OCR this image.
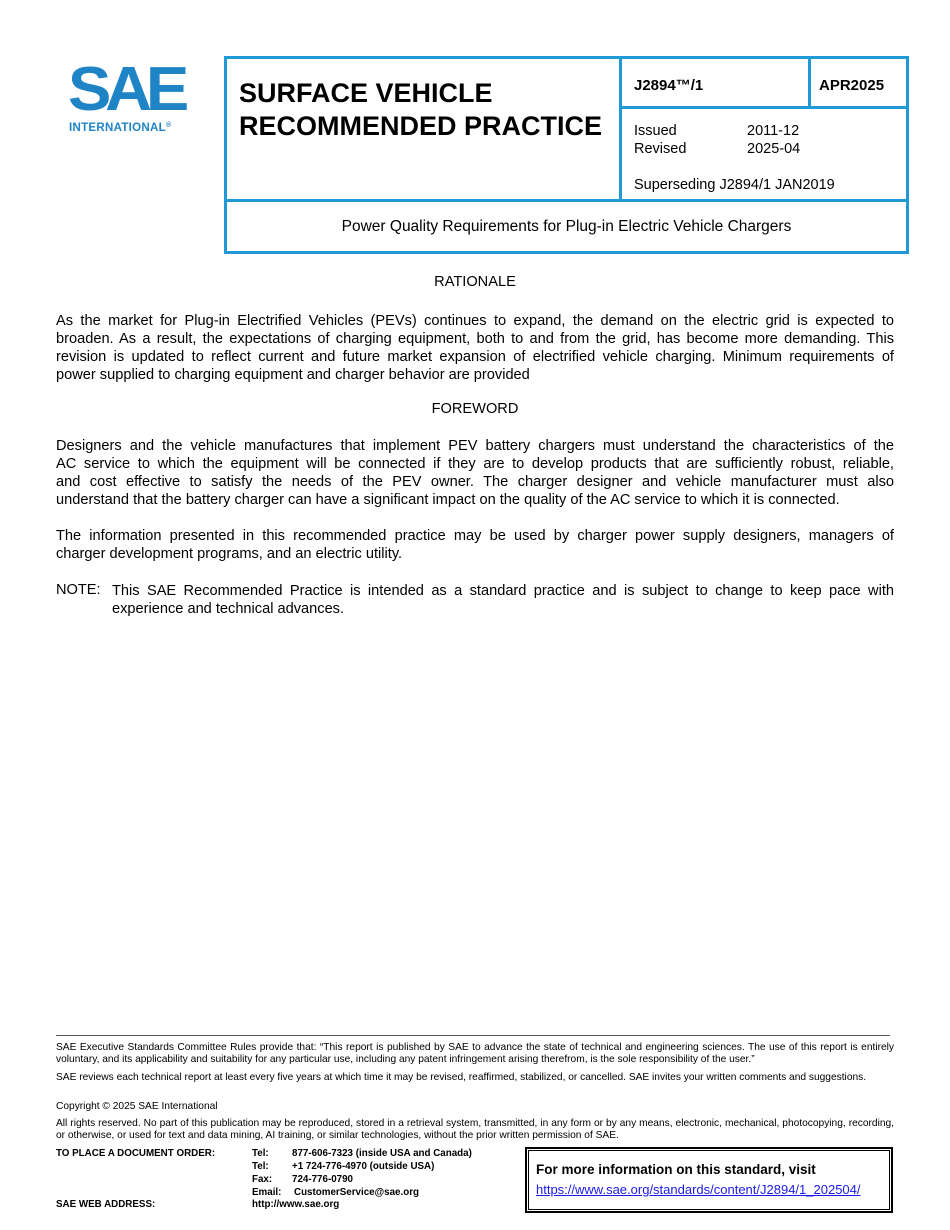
SAE
INTERNATIONAL®
SURFACE VEHICLE
RECOMMENDED PRACTICE
J2894™/1	APR2025
Issued	2011-12
Revised	2025-04
Superseding J2894/1 JAN2019
Power Quality Requirements for Plug-in Electric Vehicle Chargers
RATIONALE
As the market for Plug-in Electrified Vehicles (PEVs) continues to expand, the demand on the electric grid is expected to
broaden. As a result, the expectations of charging equipment, both to and from the grid, has become more demanding. This
revision is updated to reflect current and future market expansion of electrified vehicle charging. Minimum requirements of
power supplied to charging equipment and charger behavior are provided
FOREWORD
Designers and the vehicle manufactures that implement PEV battery chargers must understand the characteristics of the
AC service to which the equipment will be connected if they are to develop products that are sufficiently robust, reliable,
and cost effective to satisfy the needs of the PEV owner. The charger designer and vehicle manufacturer must also
understand that the battery charger can have a significant impact on the quality of the AC service to which it is connected.
The information presented in this recommended practice may be used by charger power supply designers, managers of
charger development programs, and an electric utility.
NOTE: This SAE Recommended Practice is intended as a standard practice and is subject to change to keep pace with
experience and technical advances.
SAE Executive Standards Committee Rules provide that: “This report is published by SAE to advance the state of technical and engineering sciences. The use of this report is entirely voluntary, and its applicability and suitability for any particular use, including any patent infringement arising therefrom, is the sole responsibility of the user.”
SAE reviews each technical report at least every five years at which time it may be revised, reaffirmed, stabilized, or cancelled. SAE invites your written comments and suggestions.
Copyright © 2025 SAE International
All rights reserved. No part of this publication may be reproduced, stored in a retrieval system, transmitted, in any form or by any means, electronic, mechanical, photocopying, recording, or otherwise, or used for text and data mining, AI training, or similar technologies, without the prior written permission of SAE.
TO PLACE A DOCUMENT ORDER:	Tel: 877-606-7323 (inside USA and Canada)
Tel: +1 724-776-4970 (outside USA)
Fax: 724-776-0790
Email: CustomerService@sae.org
SAE WEB ADDRESS:	http://www.sae.org
For more information on this standard, visit
https://www.sae.org/standards/content/J2894/1_202504/
